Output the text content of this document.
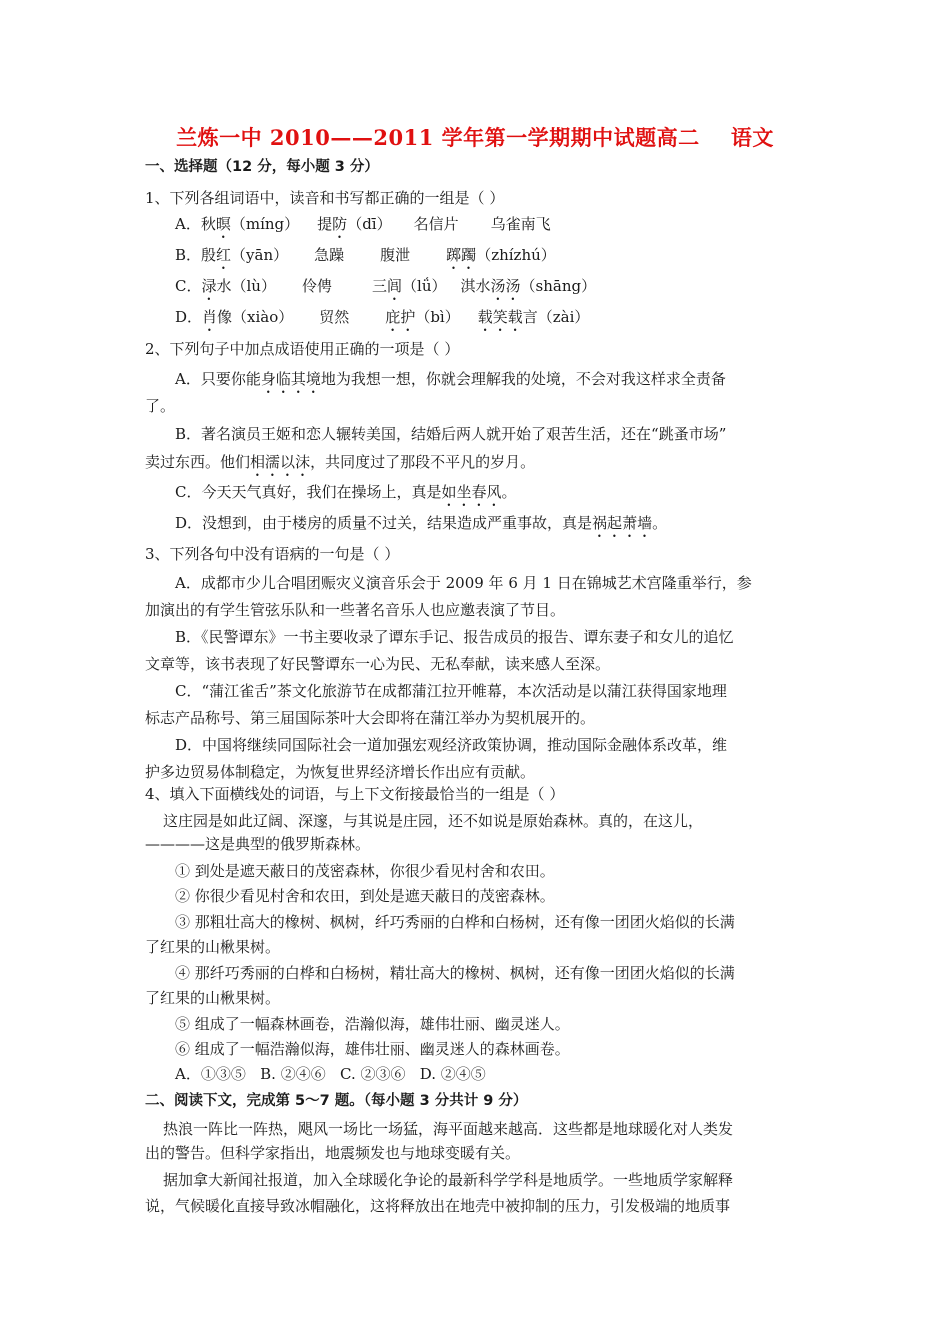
兰炼一中 2010——2011 学年第一学期期中试题高二    语文
一、选择题（12 分，每小题 3 分）
1、下列各组词语中，读音和书写都正确的一组是（ ）
A．秋暝（míng） 提防（dī） 名信片 乌雀南飞
B．殷红（yān） 急躁 腹泄 踯躅（zhízhú）
C．渌水（lù） 伶俜	三闾（lǘ） 淇水汤汤（shāng）
D．肖像（xiào） 贸然 庇护（bì） 载笑载言（zài）
2、下列句子中加点成语使用正确的一项是（ ）
A．只要你能身临其境地为我想一想，你就会理解我的处境，不会对我这样求全责备
了。
B．著名演员王姬和恋人辗转美国，结婚后两人就开始了艰苦生活，还在“跳蚤市场”
卖过东西。他们相濡以沫，共同度过了那段不平凡的岁月。
C．今天天气真好，我们在操场上，真是如坐春风。
D．没想到，由于楼房的质量不过关，结果造成严重事故，真是祸起萧墙。
3、下列各句中没有语病的一句是（ ）
A．成都市少儿合唱团赈灾义演音乐会于 2009 年 6 月 1 日在锦城艺术宫隆重举行，参
加演出的有学生管弦乐队和一些著名音乐人也应邀表演了节目。
B．《民警谭东》一书主要收录了谭东手记、报告成员的报告、谭东妻子和女儿的追忆
文章等，该书表现了好民警谭东一心为民、无私奉献，读来感人至深。
C．“蒲江雀舌”茶文化旅游节在成都蒲江拉开帷幕，本次活动是以蒲江获得国家地理
标志产品称号、第三届国际茶叶大会即将在蒲江举办为契机展开的。
D．中国将继续同国际社会一道加强宏观经济政策协调，推动国际金融体系改革，维
护多边贸易体制稳定，为恢复世界经济增长作出应有贡献。
4、填入下面横线处的词语，与上下文衔接最恰当的一组是（ ）
这庄园是如此辽阔、深邃，与其说是庄园，还不如说是原始森林。真的，在这儿，
————这是典型的俄罗斯森林。
① 到处是遮天蔽日的茂密森林，你很少看见村舍和农田。
② 你很少看见村舍和农田，到处是遮天蔽日的茂密森林。
③ 那粗壮高大的橡树、枫树，纤巧秀丽的白桦和白杨树，还有像一团团火焰似的长满
了红果的山楸果树。
④ 那纤巧秀丽的白桦和白杨树，精壮高大的橡树、枫树，还有像一团团火焰似的长满
了红果的山楸果树。
⑤ 组成了一幅森林画卷，浩瀚似海，雄伟壮丽、幽灵迷人。
⑥ 组成了一幅浩瀚似海，雄伟壮丽、幽灵迷人的森林画卷。
A．①③⑤   B. ②④⑥   C. ②③⑥   D. ②④⑤
二、阅读下文，完成第 5～7 题。（每小题 3 分共计 9 分）
热浪一阵比一阵热，飓风一场比一场猛，海平面越来越高．这些都是地球暖化对人类发
出的警告。但科学家指出，地震频发也与地球变暖有关。
据加拿大新闻社报道，加入全球暖化争论的最新科学学科是地质学。一些地质学家解释
说，气候暖化直接导致冰帽融化，这将释放出在地壳中被抑制的压力，引发极端的地质事
